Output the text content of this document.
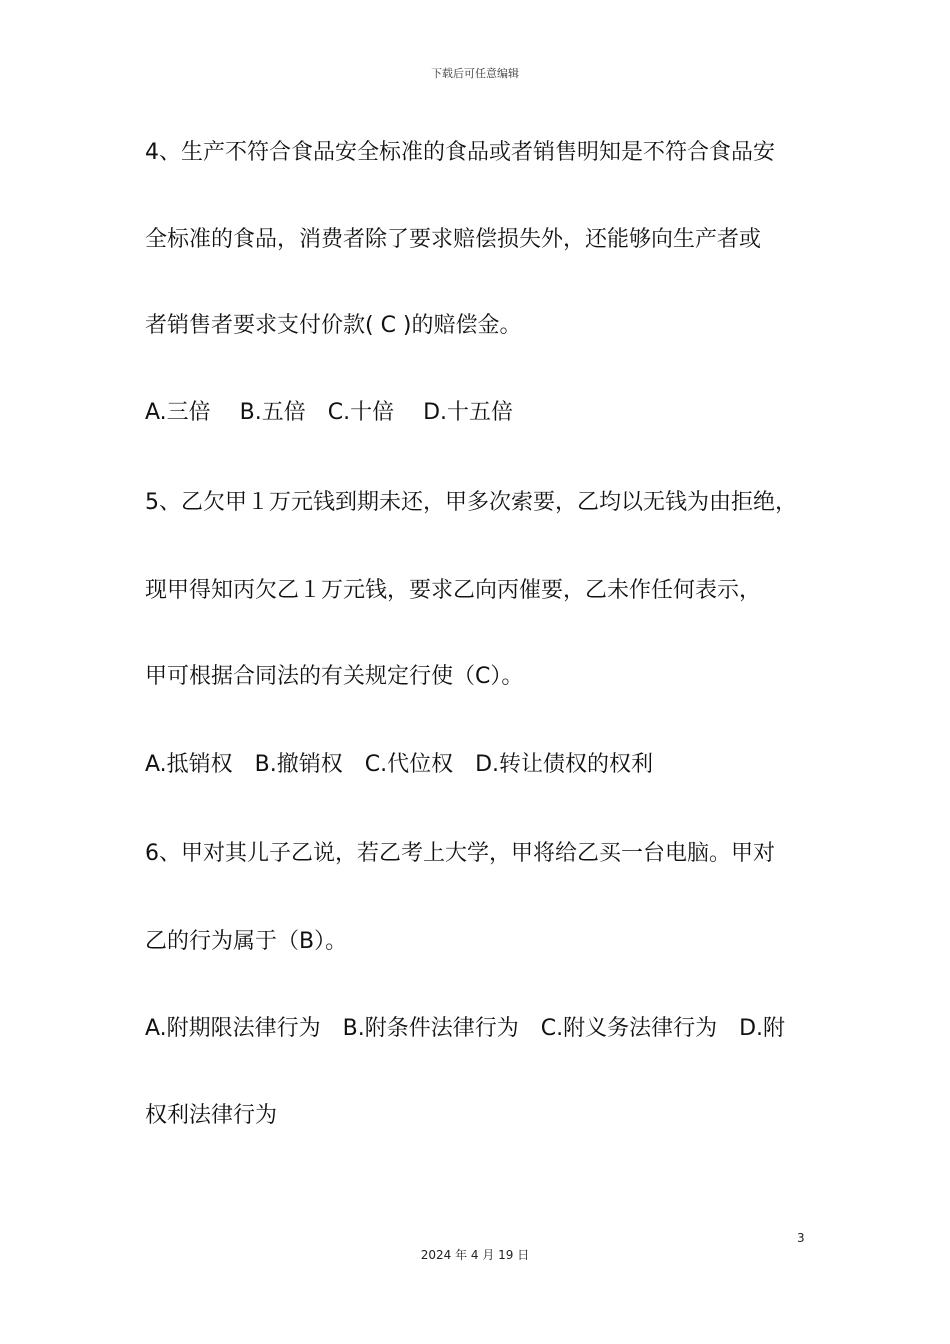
下载后可任意编辑
4、生产不符合食品安全标准的食品或者销售明知是不符合食品安
全标准的食品，消费者除了要求赔偿损失外，还能够向生产者或
者销售者要求支付价款( C )的赔偿金。
A.三倍　 B.五倍　C.十倍　 D.十五倍
5、乙欠甲１万元钱到期未还，甲多次索要，乙均以无钱为由拒绝，
现甲得知丙欠乙１万元钱，要求乙向丙催要，乙未作任何表示，
甲可根据合同法的有关规定行使（C）。
A.抵销权　B.撤销权　C.代位权　D.转让债权的权利
6、甲对其儿子乙说，若乙考上大学，甲将给乙买一台电脑。甲对
乙的行为属于（B）。
A.附期限法律行为　B.附条件法律行为　C.附义务法律行为　D.附
权利法律行为
3
2024 年 4 月 19 日
